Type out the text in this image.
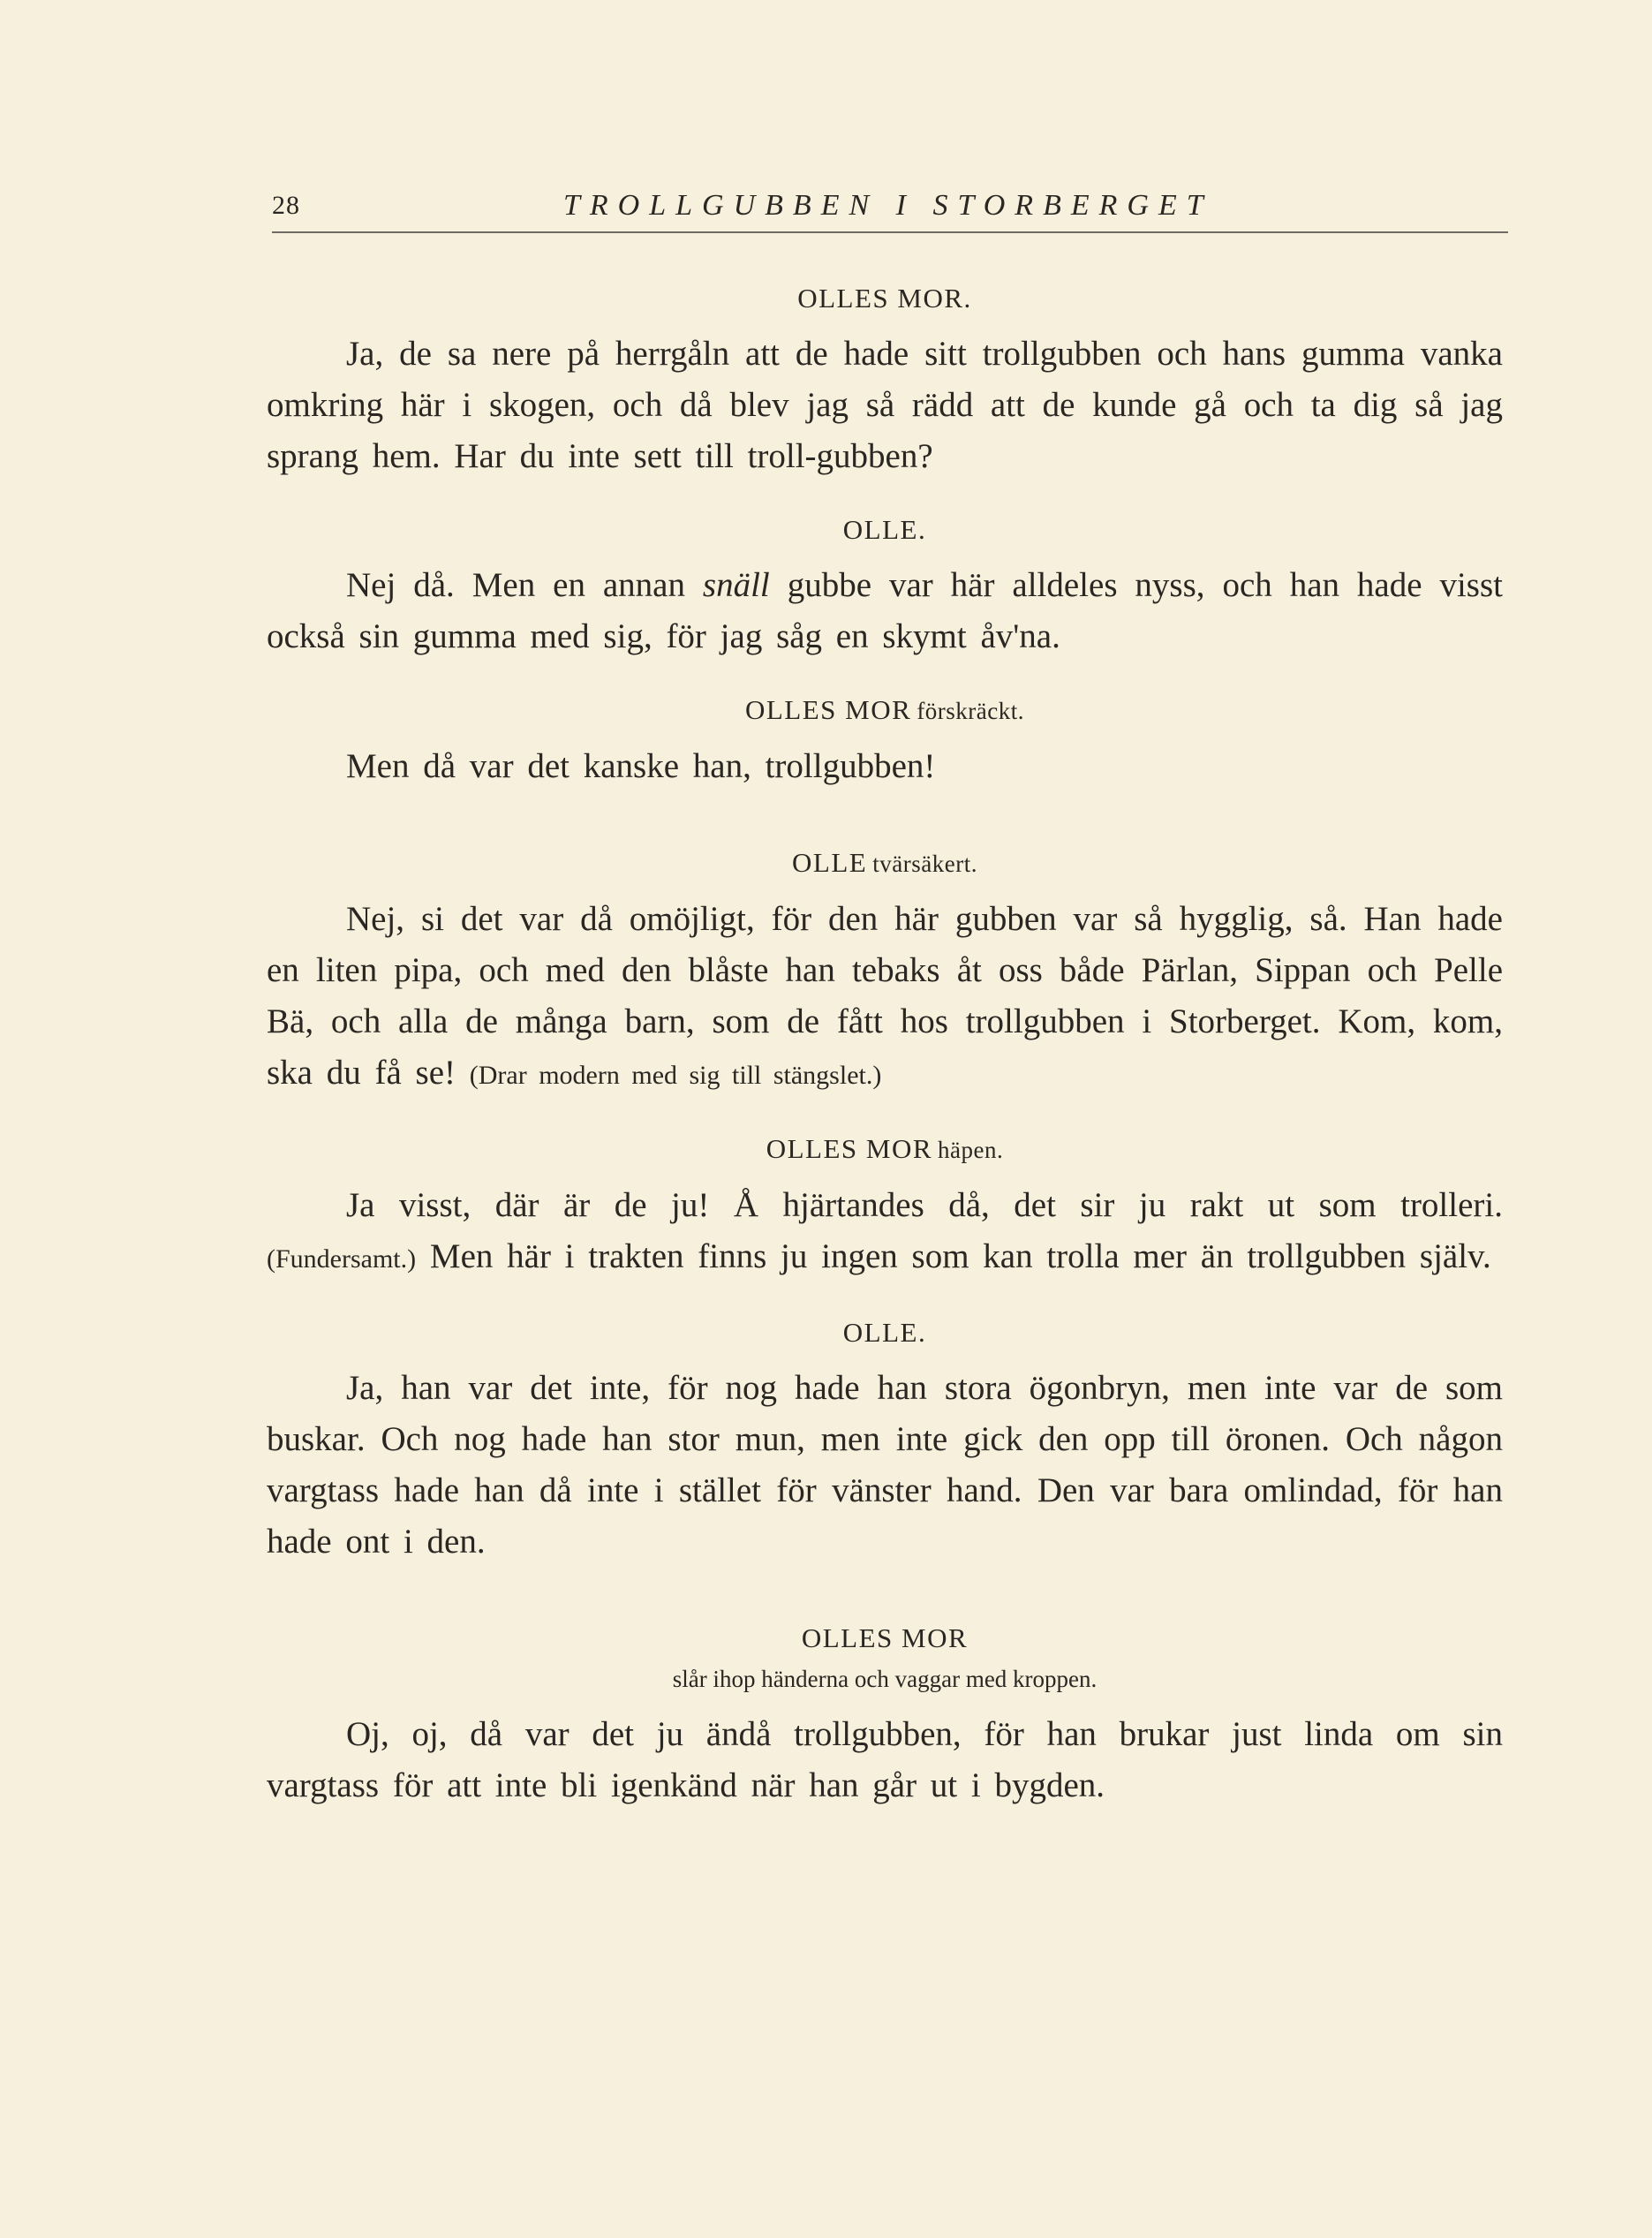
28	TROLLGUBBEN I STORBERGET
OLLES MOR.

Ja, de sa nere på herrgåln att de hade sitt trollgubben och hans gumma vanka omkring här i skogen, och då blev jag så rädd att de kunde gå och ta dig så jag sprang hem. Har du inte sett till troll-gubben?

OLLE.

Nej då. Men en annan snäll gubbe var här alldeles nyss, och han hade visst också sin gumma med sig, för jag såg en skymt åv'na.

OLLES MOR förskräckt.

Men då var det kanske han, trollgubben!

OLLE tvärsäkert.

Nej, si det var då omöjligt, för den här gubben var så hygglig, så. Han hade en liten pipa, och med den blåste han tebaks åt oss både Pärlan, Sippan och Pelle Bä, och alla de många barn, som de fått hos trollgubben i Storberget. Kom, kom, ska du få se! (Drar modern med sig till stängslet.)

OLLES MOR häpen.

Ja visst, där är de ju! Å hjärtandes då, det sir ju rakt ut som trolleri. (Fundersamt.) Men här i trakten finns ju ingen som kan trolla mer än trollgubben själv.

OLLE.

Ja, han var det inte, för nog hade han stora ögonbryn, men inte var de som buskar. Och nog hade han stor mun, men inte gick den opp till öronen. Och någon vargtass hade han då inte i stället för vänster hand. Den var bara omlindad, för han hade ont i den.

OLLES MOR

slår ihop händerna och vaggar med kroppen.

Oj, oj, då var det ju ändå trollgubben, för han brukar just linda om sin vargtass för att inte bli igenkänd när han går ut i bygden.
